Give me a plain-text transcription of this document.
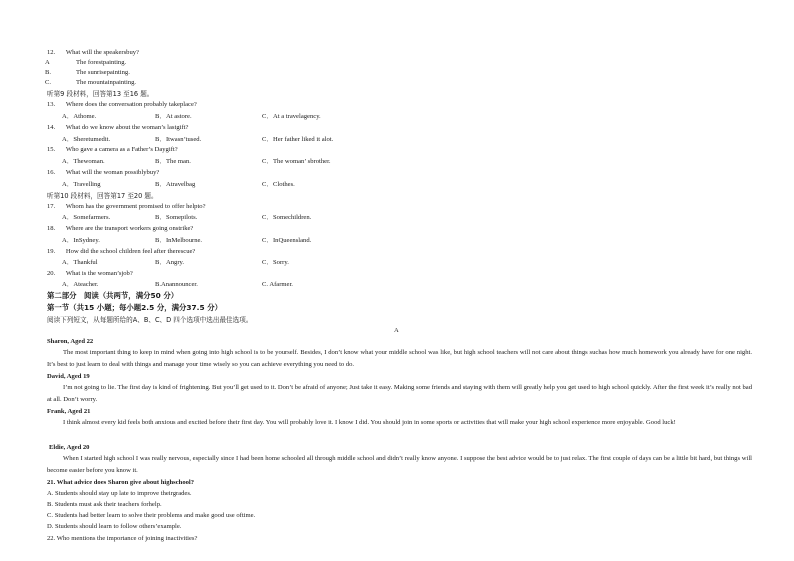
12. What will the speakersbuy?
A	The forestpainting.
B.	The sunrisepainting.
C.	The mountainpainting.
听第9 段材料，回答第13 至16 题。
13. Where does the conversation probably takeplace?
A．Athome.	B．At astore.	C．At a travelagency.
14. What do we know about the woman’s lastgift?
A．Sheretumedit.	B．Itwasn’tused.	C．Her father liked it alot.
15. Who gave a camera as a Father’s Daygift?
A．Thewoman.	B．The man.	C．The woman’ sbrother.
16. What will the woman possiblybuy?
A．Travelling	B．Atravelbag	C．Clothes.
听第10 段材料，回答第17 至20 题。
17. Whom has the government promised to offer helpto?
A．Somefarmers.	B．Somepilots.	C．Somechildren.
18. Where are the transport workers going onstrike?
A．InSydney.	B．InMelbourne.	C．InQueensland.
19. How did the school children feel after therescue?
A．Thankful	B．Angry.	C．Sorry.
20. What is the woman’sjob?
A．Ateacher.	B.Anannouncer.	C. Afarmer.
第二部分　阅读（共两节，满分50 分）
第一节（共15 小题；每小题2.5 分，满分37.5 分）
阅读下列短文，从每题所给的A、B、C、D 四个选项中选出最佳选项。
A
Sharon, Aged 22
The most important thing to keep in mind when going into high school is to be yourself. Besides, I don’t know what your middle school was like, but high school teachers will not care about things suchas how much homework you already have for one night. It’s best to just learn to deal with things and manage your time wisely so you can achieve everything you need to do.
David, Aged 19
I’m not going to lie. The first day is kind of frightening. But you’ll get used to it. Don’t be afraid of anyone; Just take it easy. Making some friends and staying with them will greatly help you get used to high school quickly. After the first week it’s really not bad at all. Don’t worry.
Frank, Aged 21
I think almost every kid feels both anxious and excited before their first day. You will probably love it. I know I did. You should join in some sports or activities that will make your high school experience more enjoyable. Good luck!
Eldie, Aged 20
When I started high school I was really nervous, especially since I had been home schooled all through middle school and didn’t really know anyone. I suppose the best advice would be to just relax. The first couple of days can be a little bit hard, but things will become easier before you know it.
21. What advice does Sharon give about highschool?
A. Students should stay up late to improve theirgrades.
B. Students must ask their teachers forhelp.
C. Students had better learn to solve their problems and make good use oftime.
D. Students should learn to follow others’example.
22. Who mentions the importance of joining inactivities?
